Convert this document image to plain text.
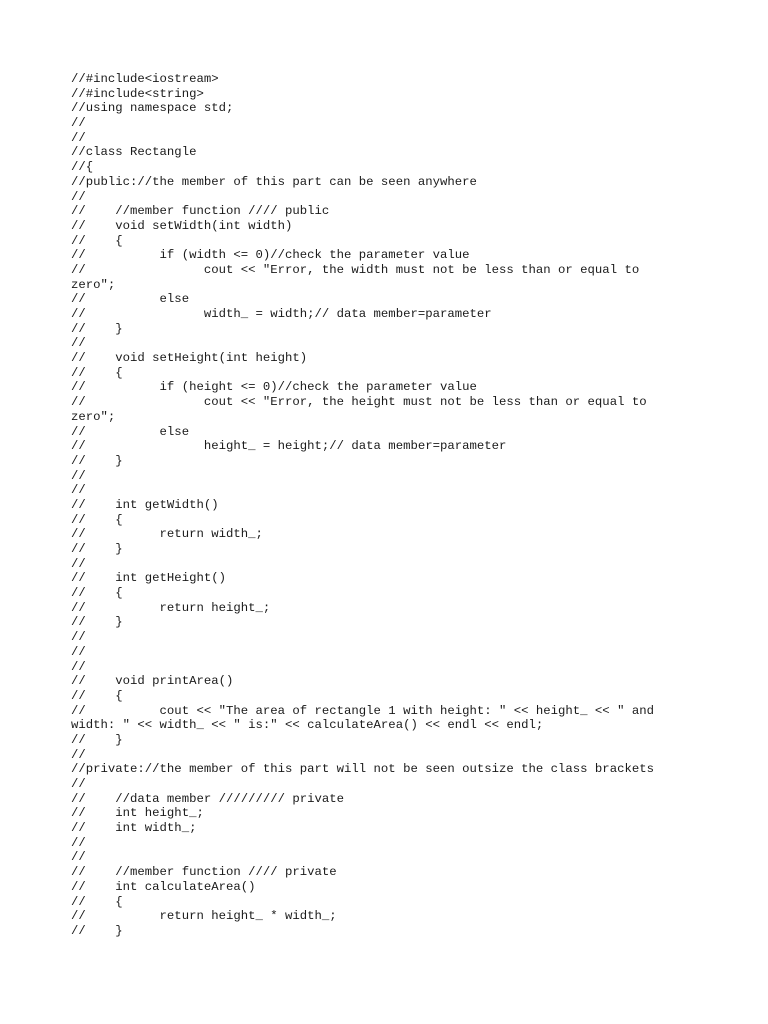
//#include<iostream>
//#include<string>
//using namespace std;
//
//
//class Rectangle
//{
//public://the member of this part can be seen anywhere
//
//    //member function //// public
//    void setWidth(int width)
//    {
//          if (width <= 0)//check the parameter value
//                cout << "Error, the width must not be less than or equal to
zero";
//          else
//                width_ = width;// data member=parameter
//    }
//
//    void setHeight(int height)
//    {
//          if (height <= 0)//check the parameter value
//                cout << "Error, the height must not be less than or equal to
zero";
//          else
//                height_ = height;// data member=parameter
//    }
//
//
//    int getWidth()
//    {
//          return width_;
//    }
//
//    int getHeight()
//    {
//          return height_;
//    }
//
//
//
//    void printArea()
//    {
//          cout << "The area of rectangle 1 with height: " << height_ << " and
width: " << width_ << " is:" << calculateArea() << endl << endl;
//    }
//
//private://the member of this part will not be seen outsize the class brackets
//
//    //data member ///////// private
//    int height_;
//    int width_;
//
//
//    //member function //// private
//    int calculateArea()
//    {
//          return height_ * width_;
//    }
